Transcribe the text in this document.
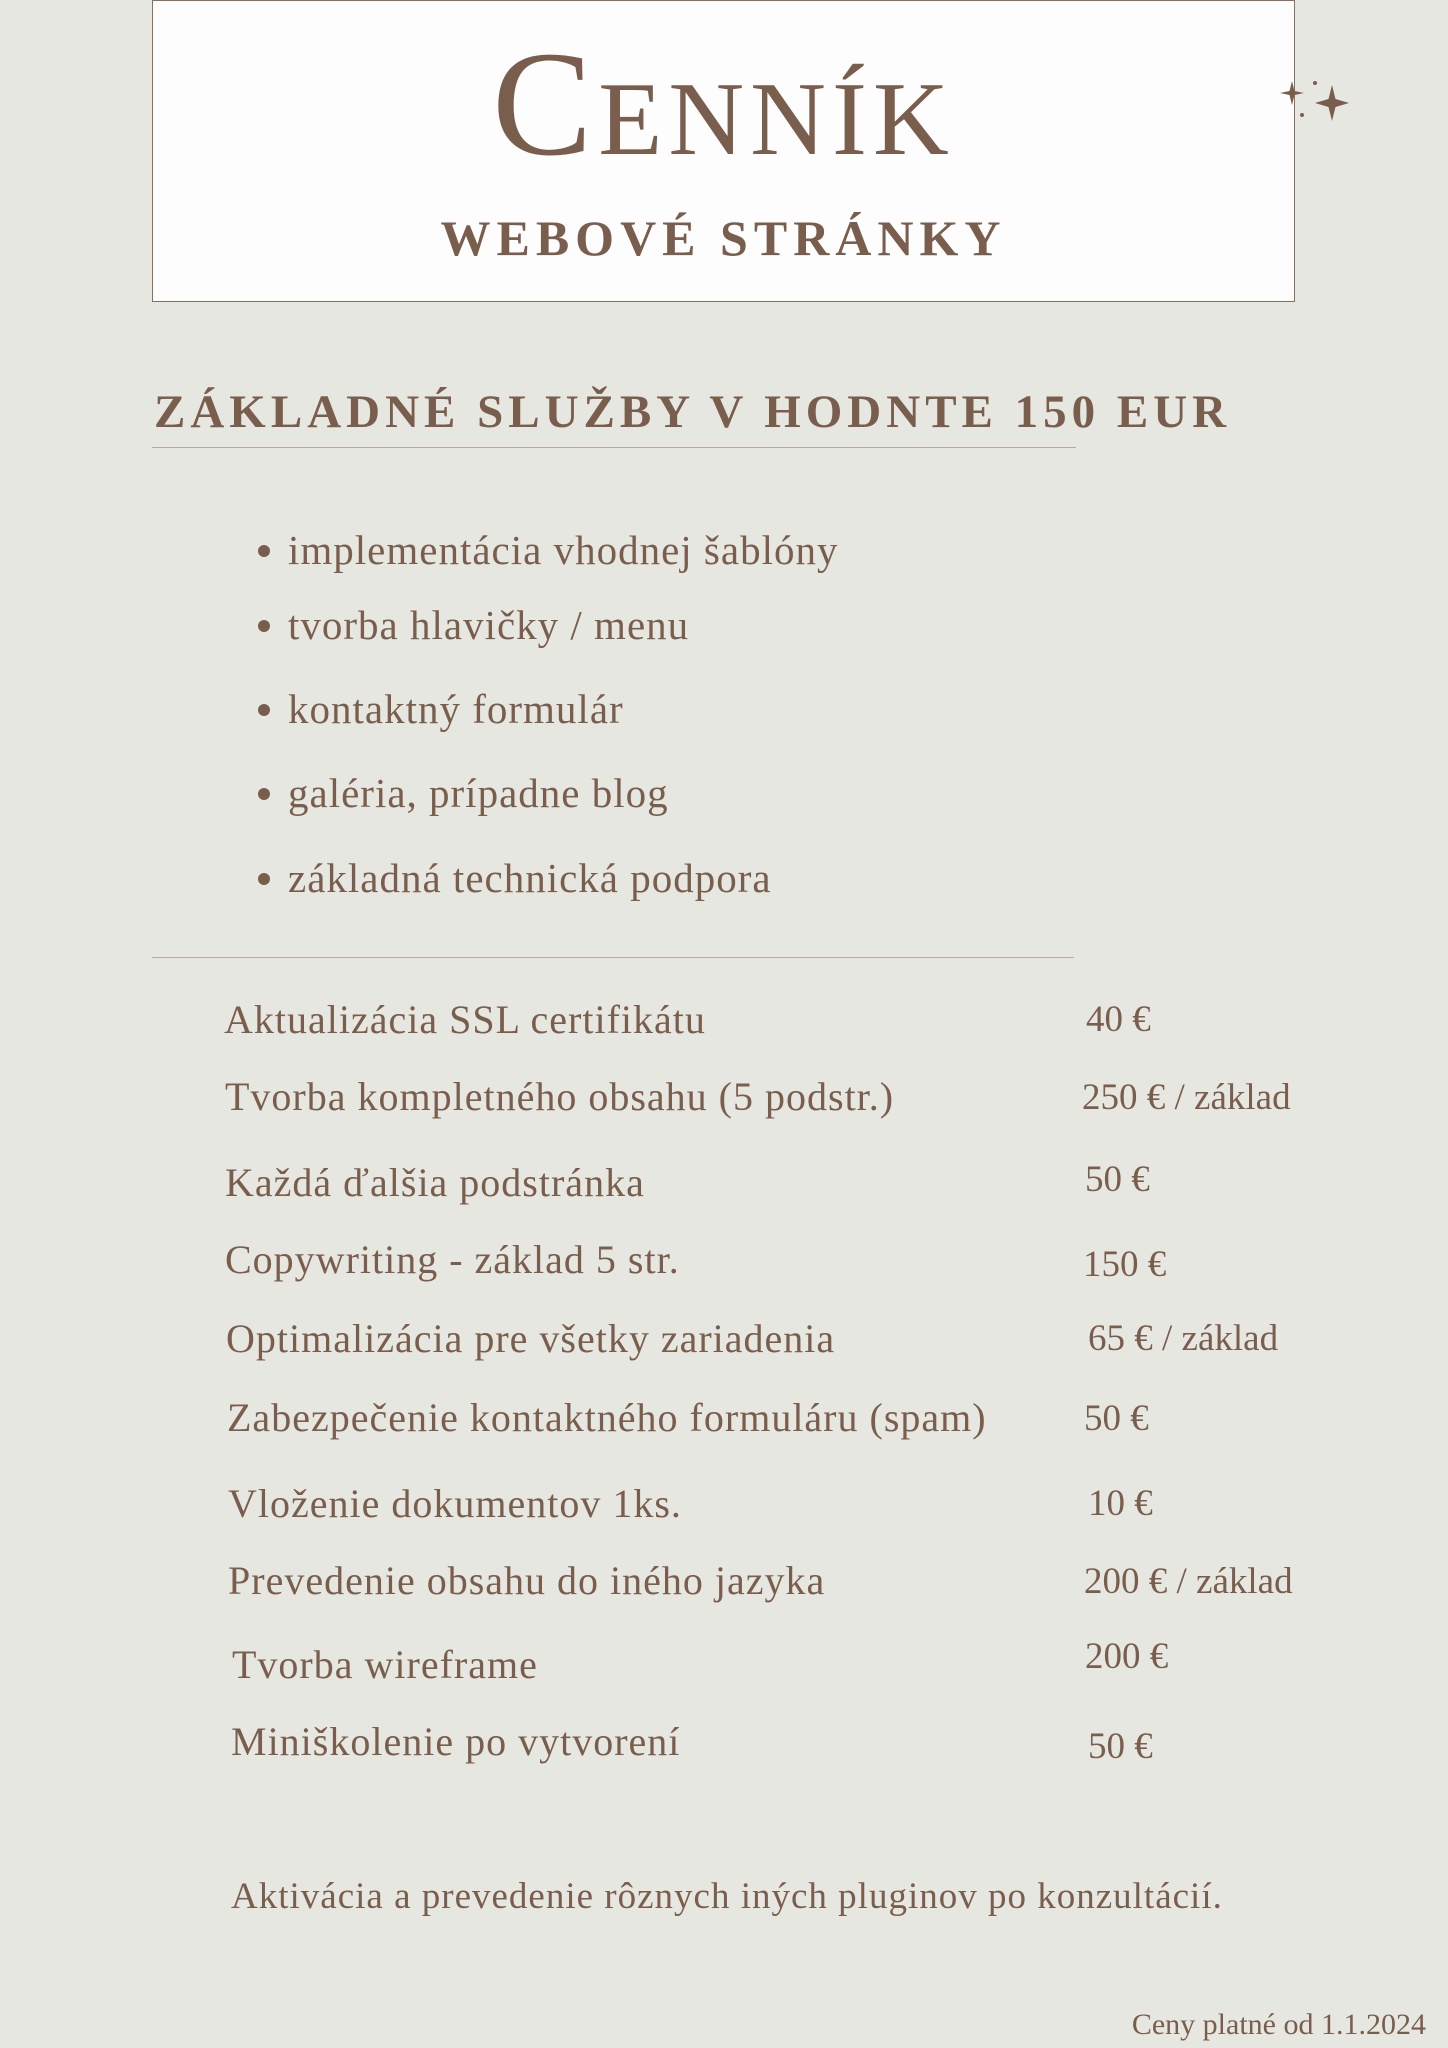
Cenník
WEBOVÉ STRÁNKY
ZÁKLADNÉ SLUŽBY V HODNTE 150 EUR
implementácia vhodnej šablóny
tvorba hlavičky / menu
kontaktný formulár
galéria, prípadne blog
základná technická podpora
Aktualizácia SSL certifikátu	40 €
Tvorba kompletného obsahu (5 podstr.)	250 € / základ
Každá ďalšia podstránka	50 €
Copywriting - základ 5 str.	150 €
Optimalizácia pre všetky zariadenia	65 € / základ
Zabezpečenie kontaktného formuláru (spam)	50 €
Vloženie dokumentov 1ks.	10 €
Prevedenie obsahu do iného jazyka	200 € / základ
Tvorba wireframe	200 €
Miniškolenie po vytvorení	50 €
Aktivácia a prevedenie rôznych iných pluginov po konzultácií.
Ceny platné od 1.1.2024
